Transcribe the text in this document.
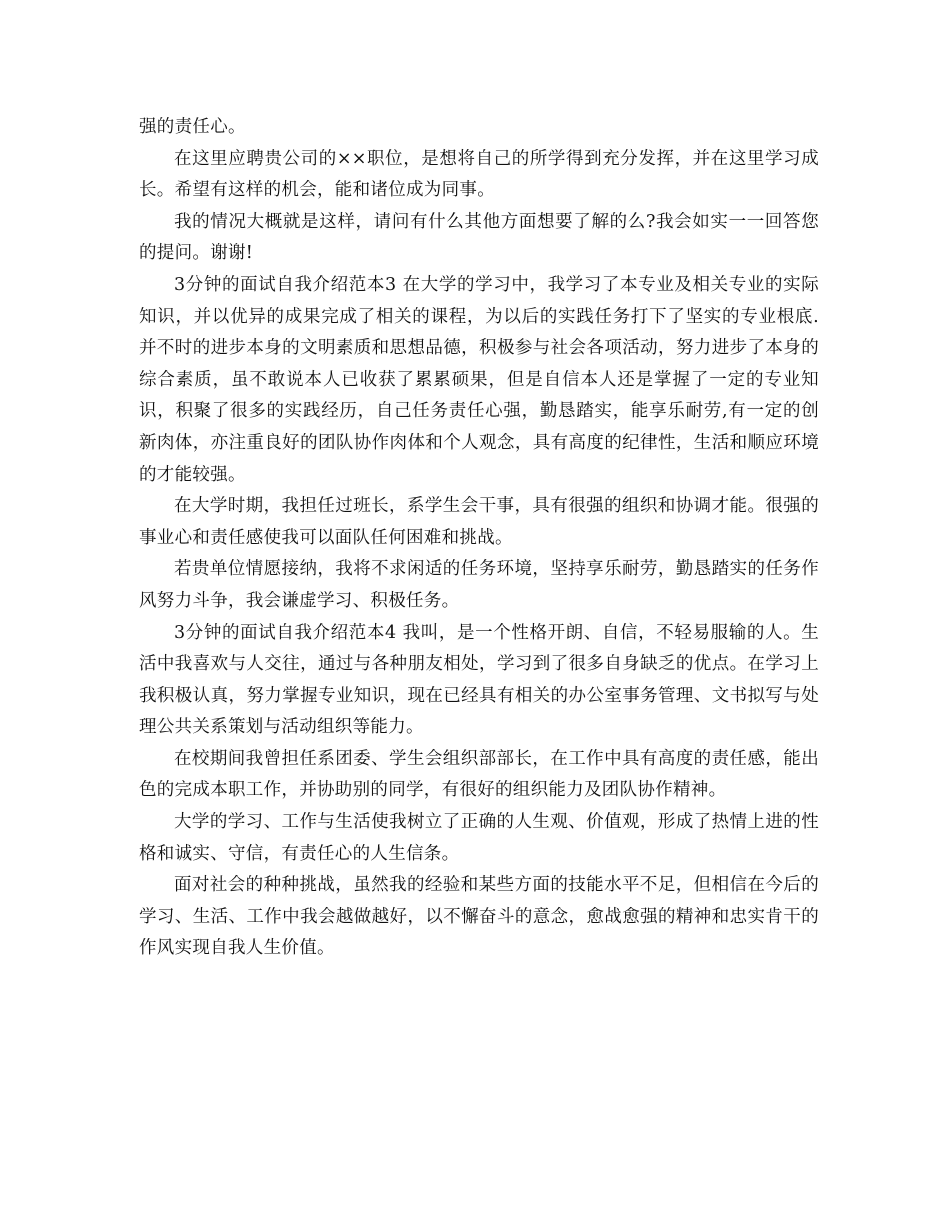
强的责任心。

在这里应聘贵公司的××职位，是想将自己的所学得到充分发挥，并在这里学习成长。希望有这样的机会，能和诸位成为同事。

我的情况大概就是这样，请问有什么其他方面想要了解的么?我会如实一一回答您的提问。谢谢!

3分钟的面试自我介绍范本3 在大学的学习中，我学习了本专业及相关专业的实际知识，并以优异的成果完成了相关的课程，为以后的实践任务打下了坚实的专业根底.并不时的进步本身的文明素质和思想品德，积极参与社会各项活动，努力进步了本身的综合素质，虽不敢说本人已收获了累累硕果，但是自信本人还是掌握了一定的专业知识，积聚了很多的实践经历，自己任务责任心强，勤恳踏实，能享乐耐劳,有一定的创新肉体，亦注重良好的团队协作肉体和个人观念，具有高度的纪律性，生活和顺应环境的才能较强。

在大学时期，我担任过班长，系学生会干事，具有很强的组织和协调才能。很强的事业心和责任感使我可以面队任何困难和挑战。

若贵单位情愿接纳，我将不求闲适的任务环境，坚持享乐耐劳，勤恳踏实的任务作风努力斗争，我会谦虚学习、积极任务。

3分钟的面试自我介绍范本4 我叫，是一个性格开朗、自信，不轻易服输的人。生活中我喜欢与人交往，通过与各种朋友相处，学习到了很多自身缺乏的优点。在学习上我积极认真，努力掌握专业知识，现在已经具有相关的办公室事务管理、文书拟写与处理公共关系策划与活动组织等能力。

在校期间我曾担任系团委、学生会组织部部长，在工作中具有高度的责任感，能出色的完成本职工作，并协助别的同学，有很好的组织能力及团队协作精神。

大学的学习、工作与生活使我树立了正确的人生观、价值观，形成了热情上进的性格和诚实、守信，有责任心的人生信条。

面对社会的种种挑战，虽然我的经验和某些方面的技能水平不足，但相信在今后的学习、生活、工作中我会越做越好，以不懈奋斗的意念，愈战愈强的精神和忠实肯干的作风实现自我人生价值。
